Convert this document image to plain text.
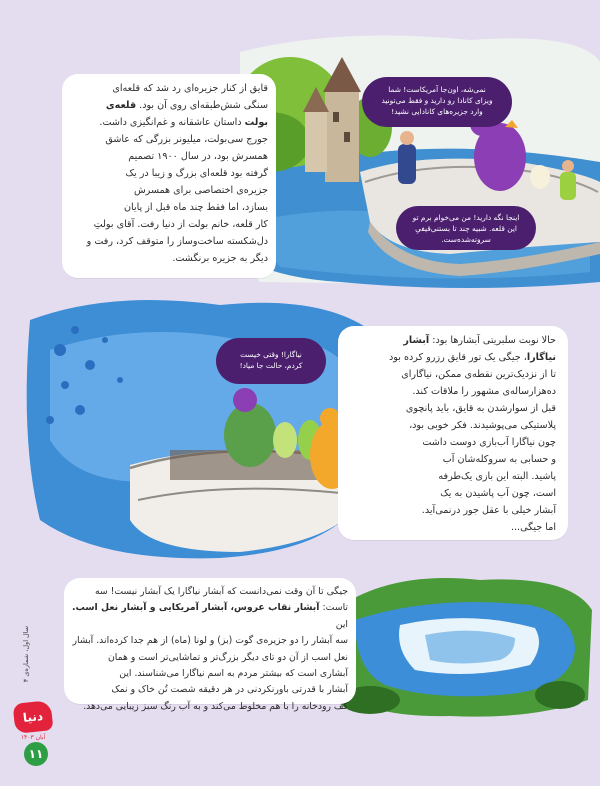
قایق از کنار جزیره‌ای رد شد که قلعه‌ای

سنگی شش‌طبقه‌ای روی آن بود. قلعه‌ی

بولت داستان عاشقانه و غم‌انگیزی داشت.

جورج سی‌بولت، میلیونر بزرگی که عاشق

همسرش بود، در سال ۱۹۰۰ تصمیم

گرفته بود قلعه‌ای بزرگ و زیبا در یک

جزیره‌ی اختصاصی برای همسرش

بسازد، اما فقط چند ماه قبل از پایان

کار قلعه، خانم بولت از دنیا رفت. آقای بولتِ

دل‌شکسته ساخت‌وساز را متوقف کرد، رفت و

دیگر به جزیره برنگشت.

نمی‌شه، اون‌جا آمریکاست! شما
ویزای کانادا رو دارید و فقط می‌تونید
وارد جزیره‌های کانادایی نشید!
اینجا نگه دارید! من می‌خوام برم تو
این قلعه. شبیه چند تا بستنی‌قیفیِ
سروته‌شده‌ست.

حالا نوبت سلبریتی آبشارها بود: آبشار

نیاگارا، جیگی یک تور قایق رزرو کرده بود

تا از نزدیک‌ترین نقطه‌ی ممکن، نیاگارای

ده‌هزارساله‌ی مشهور را ملاقات کند.

قبل از سوارشدن به قایق، باید پانچوی

پلاستیکی می‌پوشیدند. فکر خوبی بود،

چون نیاگارا آب‌بازی دوست داشت

و حسابی به سروکله‌شان آب

پاشید. البته این بازی یک‌طرفه

است، چون آب پاشیدن به یک

آبشار خیلی با عقل جور درنمی‌آید.

اما جیگی...

نیاگارا! وقتی خیست
کردم، حالت جا میاد!

جیگی تا آن وقت نمی‌دانست که آبشار نیاگارا یک آبشار نیست! سه

تاست: آبشار نقاب عروس، آبشار آمریکایی و آبشار نعل اسب. این

سه آبشار را دو جزیره‌ی گوت (بز) و لونا (ماه) از هم جدا کرده‌اند. آبشار

نعل اسب از آن دو تای دیگر بزرگ‌تر و تماشایی‌تر است و همان

آبشاری است که بیشتر مردم به اسم نیاگارا می‌شناسند. این

آبشار با قدرتی باورنکردنی در هر دقیقه شصت تُن خاک و نمک

کف رودخانه را با هم مخلوط می‌کند و به آب رنگ سبز زیبایی می‌دهد.

سال اول، شماره‌ی ۳
دنیا
آبان ۱۴۰۳
۱۱
